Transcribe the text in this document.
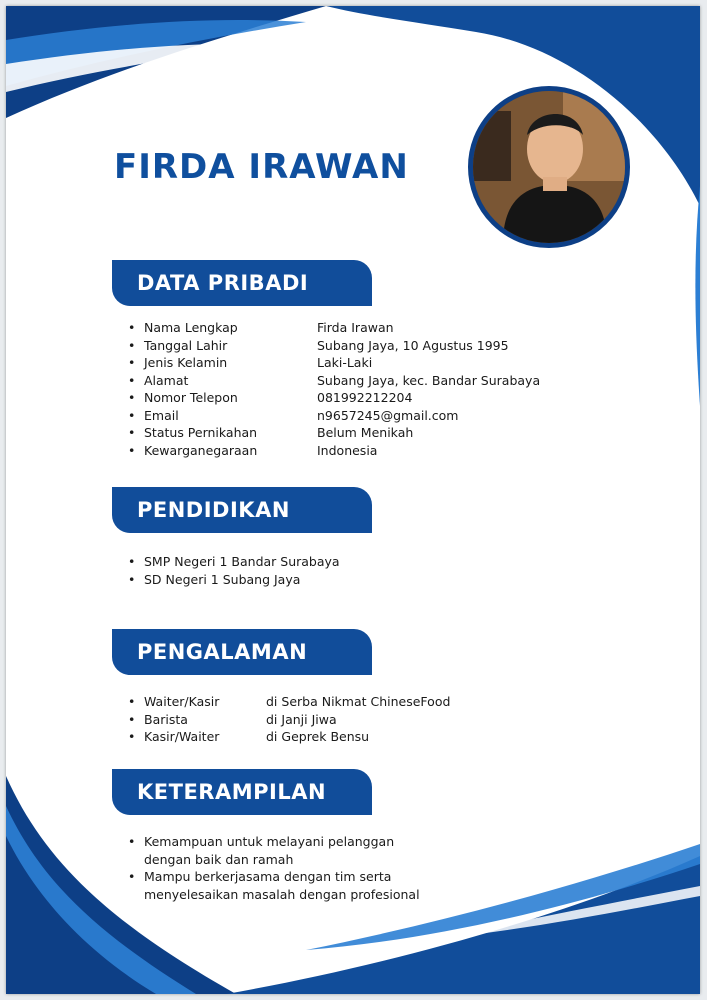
FIRDA IRAWAN
DATA PRIBADI
• Nama Lengkap	Firda Irawan
• Tanggal Lahir	Subang Jaya, 10 Agustus 1995
• Jenis Kelamin	Laki-Laki
• Alamat	Subang Jaya, kec. Bandar Surabaya
• Nomor Telepon	081992212204
• Email	n9657245@gmail.com
• Status Pernikahan	Belum Menikah
• Kewarganegaraan	Indonesia
PENDIDIKAN
• SMP Negeri 1 Bandar Surabaya
• SD Negeri 1 Subang Jaya
PENGALAMAN
• Waiter/Kasir	di Serba Nikmat ChineseFood
• Barista	di Janji Jiwa
• Kasir/Waiter	di Geprek Bensu
KETERAMPILAN
• Kemampuan untuk melayani pelanggan dengan baik dan ramah
• Mampu berkerjasama dengan tim serta menyelesaikan masalah dengan profesional
